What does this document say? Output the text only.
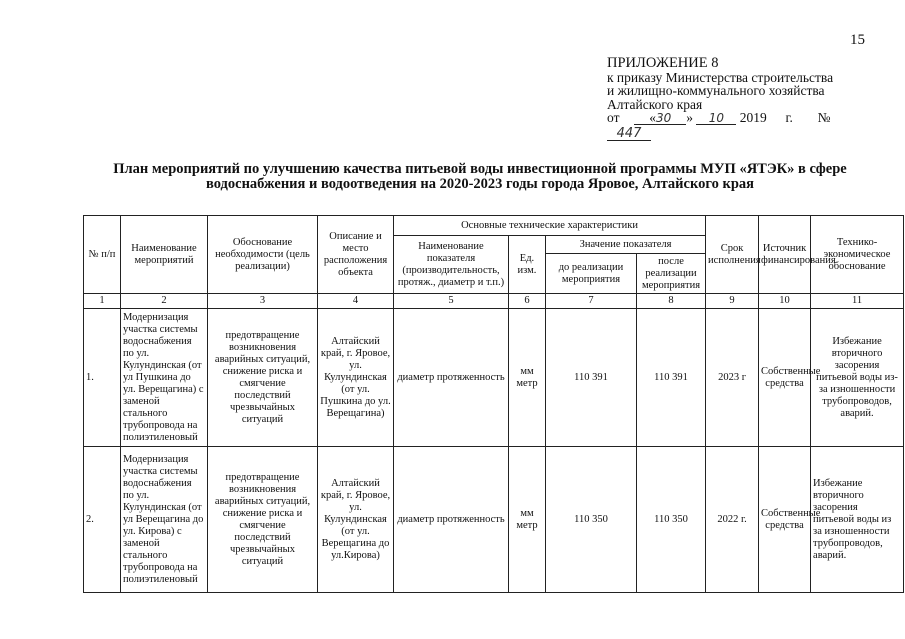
15
ПРИЛОЖЕНИЕ 8
к приказу Министерства строительства
и жилищно-коммунального хозяйства
Алтайского края
от «30 » 10 2019 г. №
447
План мероприятий по улучшению качества питьевой воды инвестиционной программы МУП «ЯТЭК» в сфере водоснабжения и водоотведения на 2020-2023 годы города Яровое, Алтайского края
№ п/п	Наименование мероприятий	Обоснование необходимости (цель реализации)	Описание и место расположения объекта	Основные технические характеристики				Срок исполнения	Источник финансирования	Технико-экономическое обоснование
				Наименование показателя (производительность, протяж., диаметр и т.п.)	Ед. изм.	Значение показателя				
						до реализации мероприятия	после реализации мероприятия			
1	2	3	4	5	6	7	8	9	10	11
1.	Модернизация участка системы водоснабжения по ул. Кулундинская (от ул Пушкина до ул. Верещагина) с заменой стального трубопровода на полиэтиленовый	предотвращение возникновения аварийных ситуаций, снижение риска и смягчение последствий чрезвычайных ситуаций	Алтайский край, г. Яровое, ул. Кулундинская (от ул. Пушкина до ул. Верещагина)	диаметр протяженность	мм метр	110 391	110 391	2023 г	Собственные средства	Избежание вторичного засорения питьевой воды из-за изношенности трубопроводов, аварий.
2.	Модернизация участка системы водоснабжения по ул. Кулундинская (от ул Верещагина до ул. Кирова) с заменой стального трубопровода на полиэтиленовый	предотвращение возникновения аварийных ситуаций, снижение риска и смягчение последствий чрезвычайных ситуаций	Алтайский край, г. Яровое, ул. Кулундинская (от ул. Верещагина до ул.Кирова)	диаметр протяженность	мм метр	110 350	110 350	2022 г.	Собственные средства	Избежание вторичного засорения питьевой воды из за изношенности трубопроводов, аварий.
